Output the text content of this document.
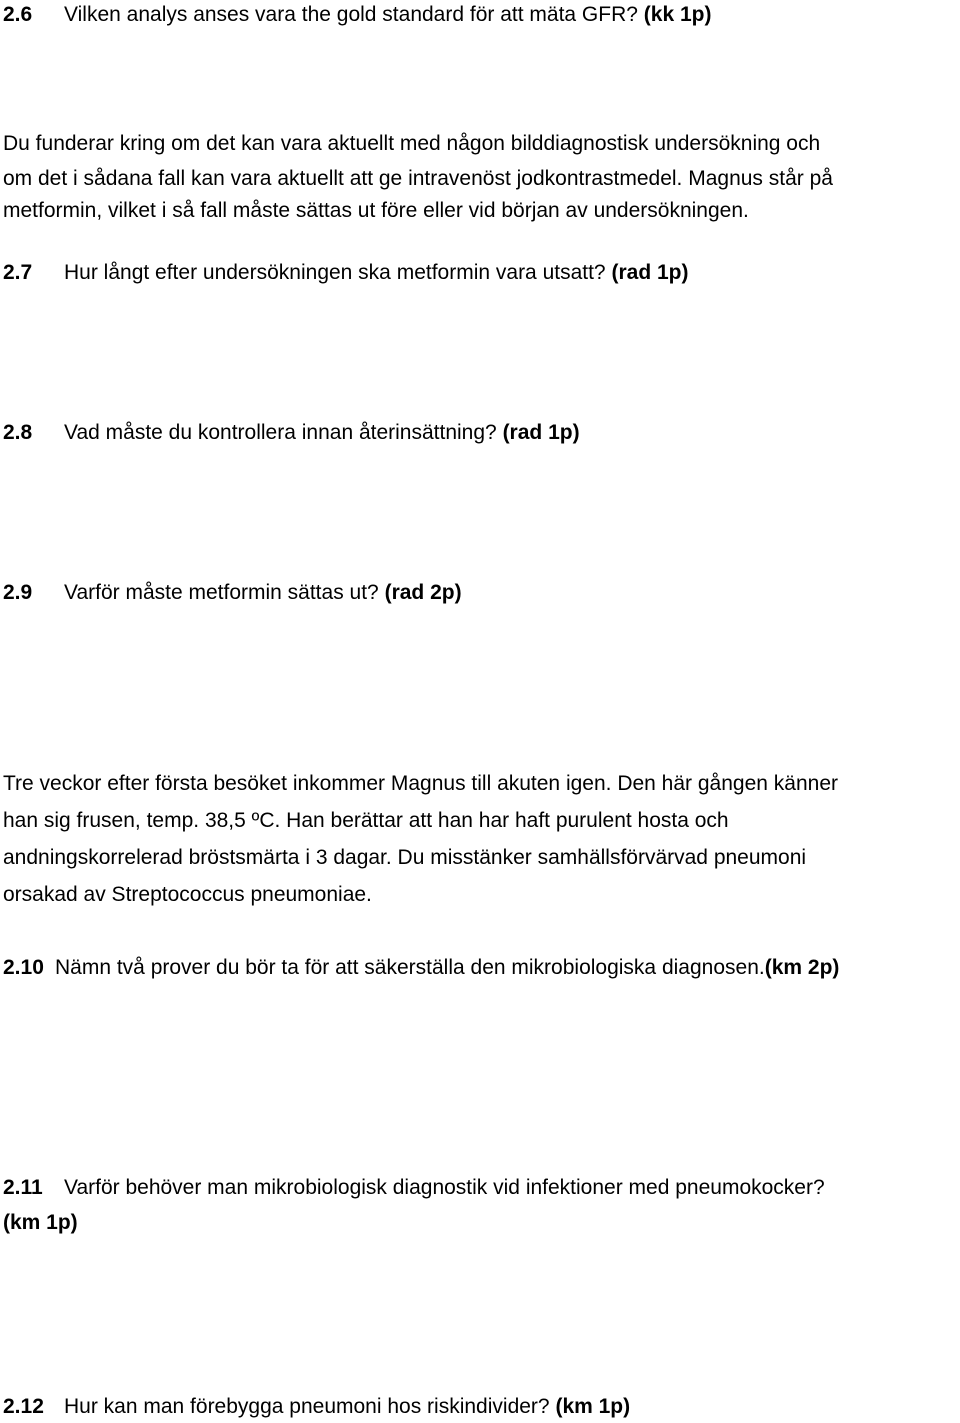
2.6 Vilken analys anses vara the gold standard för att mäta GFR? (kk 1p)
Du funderar kring om det kan vara aktuellt med någon bilddiagnostisk undersökning och
om det i sådana fall kan vara aktuellt att ge intravenöst jodkontrastmedel. Magnus står på
metformin, vilket i så fall måste sättas ut före eller vid början av undersökningen.
2.7 Hur långt efter undersökningen ska metformin vara utsatt? (rad 1p)
2.8 Vad måste du kontrollera innan återinsättning? (rad 1p)
2.9 Varför måste metformin sättas ut? (rad 2p)
Tre veckor efter första besöket inkommer Magnus till akuten igen. Den här gången känner
han sig frusen, temp. 38,5 ºC. Han berättar att han har haft purulent hosta och
andningskorrelerad bröstsmärta i 3 dagar. Du misstänker samhällsförvärvad pneumoni
orsakad av Streptococcus pneumoniae.
2.10 Nämn två prover du bör ta för att säkerställa den mikrobiologiska diagnosen.(km 2p)
2.11 Varför behöver man mikrobiologisk diagnostik vid infektioner med pneumokocker?
(km 1p)
2.12 Hur kan man förebygga pneumoni hos riskindivider? (km 1p)
